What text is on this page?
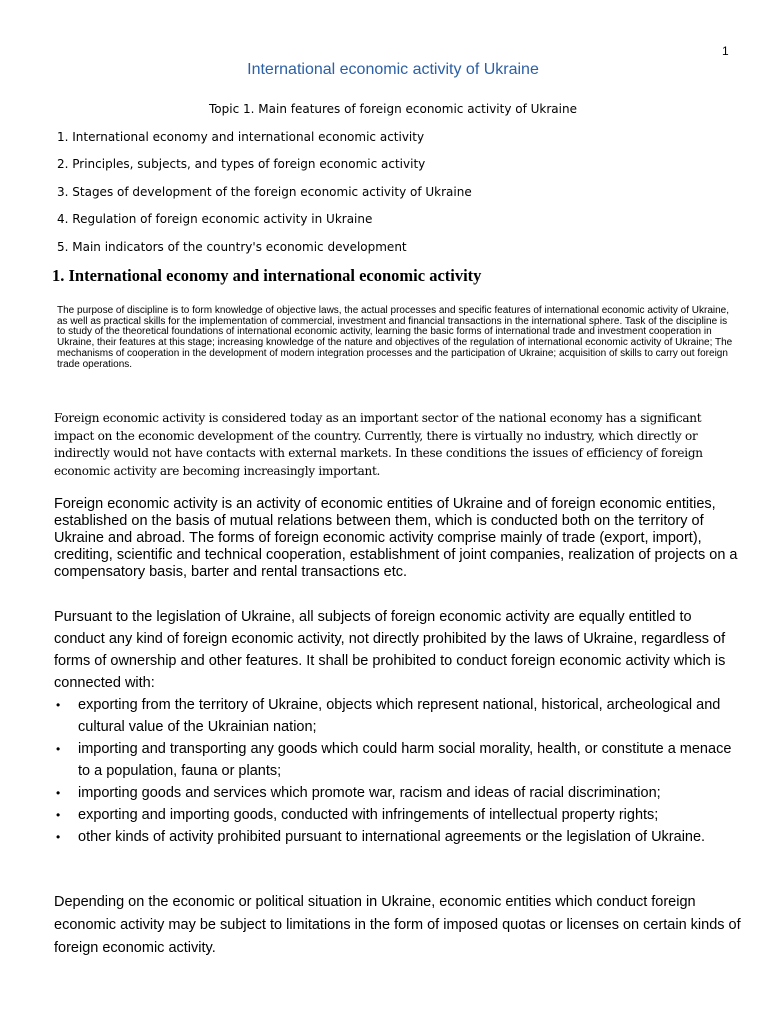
1
International economic activity of Ukraine
Topic 1. Main features of foreign economic activity of Ukraine
1. International economy and international economic activity
2. Principles, subjects, and types of foreign economic activity
3. Stages of development of the foreign economic activity of Ukraine
4. Regulation of foreign economic activity in Ukraine
5. Main indicators of the country's economic development
1. International economy and international economic activity

The purpose of discipline is to form knowledge of objective laws, the actual processes and specific features of international economic activity of Ukraine, as well as practical skills for the implementation of commercial, investment and financial transactions in the international sphere. Task of the discipline is to study of the theoretical foundations of international economic activity, learning the basic forms of international trade and investment cooperation in Ukraine, their features at this stage; increasing knowledge of the nature and objectives of the regulation of international economic activity of Ukraine; The mechanisms of cooperation in the development of modern integration processes and the participation of Ukraine; acquisition of skills to carry out foreign trade operations.

Foreign economic activity is considered today as an important sector of the national economy has a significant impact on the economic development of the country. Currently, there is virtually no industry, which directly or indirectly would not have contacts with external markets. In these conditions the issues of efficiency of foreign economic activity are becoming increasingly important.

Foreign economic activity is an activity of economic entities of Ukraine and of foreign economic entities, established on the basis of mutual relations between them, which is conducted both on the territory of Ukraine and abroad. The forms of foreign economic activity comprise mainly of trade (export, import), crediting, scientific and technical cooperation, establishment of joint companies, realization of projects on a compensatory basis, barter and rental transactions etc.

Pursuant to the legislation of Ukraine, all subjects of foreign economic activity are equally entitled to conduct any kind of foreign economic activity, not directly prohibited by the laws of Ukraine, regardless of forms of ownership and other features. It shall be prohibited to conduct foreign economic activity which is connected with:

• exporting from the territory of Ukraine, objects which represent national, historical, archeological and cultural value of the Ukrainian nation;
• importing and transporting any goods which could harm social morality, health, or constitute a menace to a population, fauna or plants;
• importing goods and services which promote war, racism and ideas of racial discrimination;
• exporting and importing goods, conducted with infringements of intellectual property rights;
• other kinds of activity prohibited pursuant to international agreements or the legislation of Ukraine.

Depending on the economic or political situation in Ukraine, economic entities which conduct foreign economic activity may be subject to limitations in the form of imposed quotas or licenses on certain kinds of foreign economic activity.
